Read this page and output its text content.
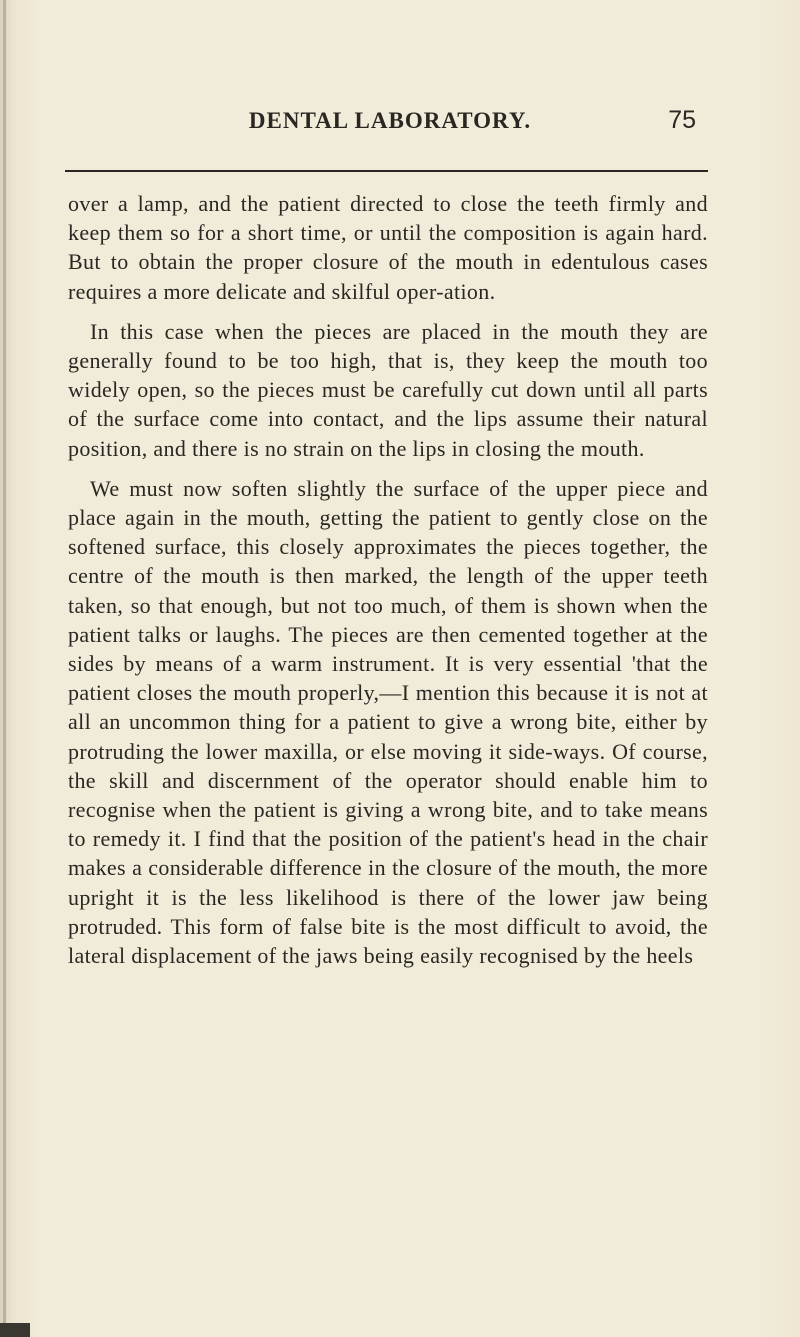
DENTAL LABORATORY.	75

over a lamp, and the patient directed to close the teeth firmly and keep them so for a short time, or until the composition is again hard. But to obtain the proper closure of the mouth in edentulous cases requires a more delicate and skilful oper-ation.

In this case when the pieces are placed in the mouth they are generally found to be too high, that is, they keep the mouth too widely open, so the pieces must be carefully cut down until all parts of the surface come into contact, and the lips assume their natural position, and there is no strain on the lips in closing the mouth.

We must now soften slightly the surface of the upper piece and place again in the mouth, getting the patient to gently close on the softened surface, this closely approximates the pieces together, the centre of the mouth is then marked, the length of the upper teeth taken, so that enough, but not too much, of them is shown when the patient talks or laughs. The pieces are then cemented together at the sides by means of a warm instrument. It is very essential 'that the patient closes the mouth properly,—I mention this because it is not at all an uncommon thing for a patient to give a wrong bite, either by protruding the lower maxilla, or else moving it side-ways. Of course, the skill and discernment of the operator should enable him to recognise when the patient is giving a wrong bite, and to take means to remedy it. I find that the position of the patient's head in the chair makes a considerable difference in the closure of the mouth, the more upright it is the less likelihood is there of the lower jaw being protruded. This form of false bite is the most difficult to avoid, the lateral displacement of the jaws being easily recognised by the heels
